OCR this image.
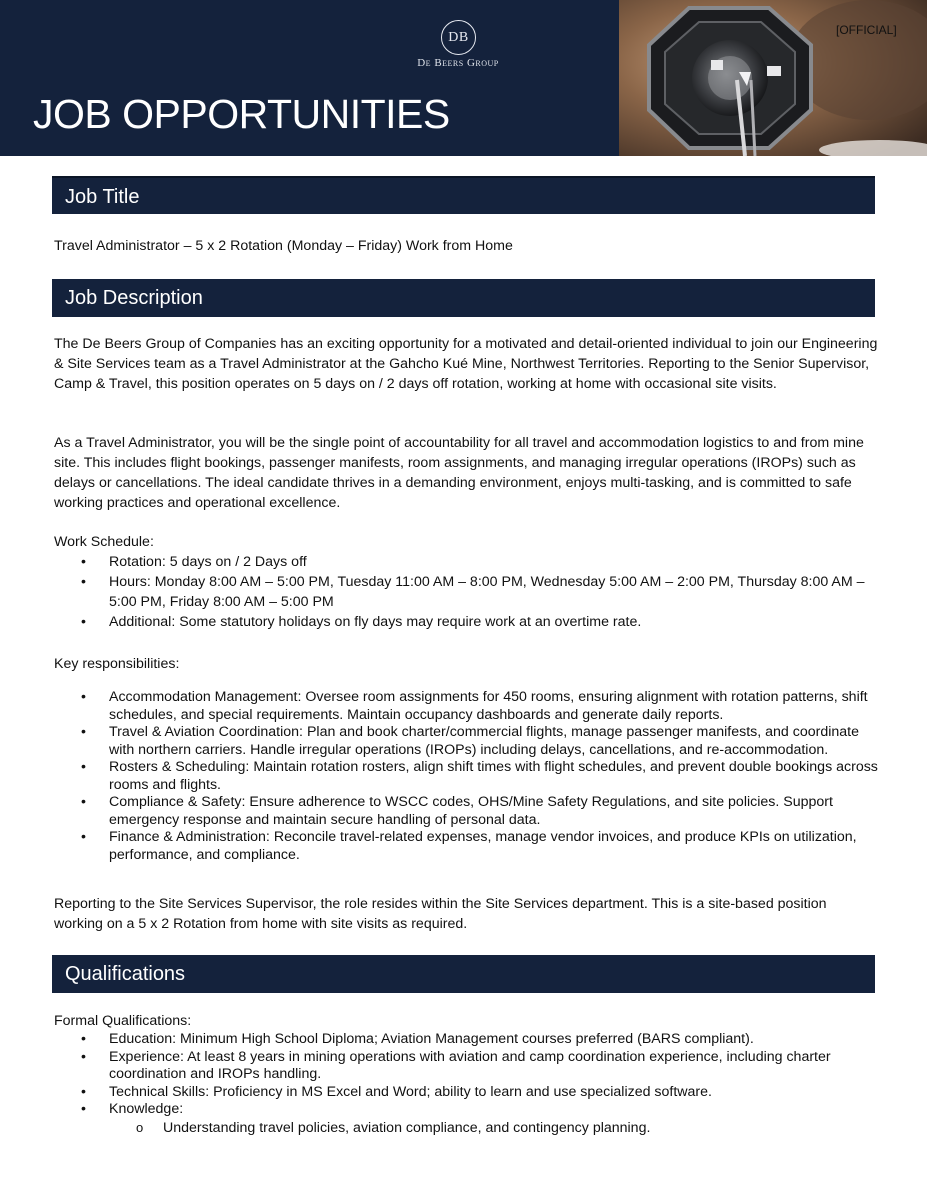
DB
De Beers Group
JOB OPPORTUNITIES
[OFFICIAL]
Job Title
Travel Administrator – 5 x 2 Rotation (Monday – Friday) Work from Home
Job Description

The De Beers Group of Companies has an exciting opportunity for a motivated and detail-oriented individual to join our Engineering & Site Services team as a Travel Administrator at the Gahcho Kué Mine, Northwest Territories. Reporting to the Senior Supervisor, Camp & Travel, this position operates on 5 days on / 2 days off rotation, working at home with occasional site visits.

As a Travel Administrator, you will be the single point of accountability for all travel and accommodation logistics to and from mine site. This includes flight bookings, passenger manifests, room assignments, and managing irregular operations (IROPs) such as delays or cancellations. The ideal candidate thrives in a demanding environment, enjoys multi-tasking, and is committed to safe working practices and operational excellence.

Work Schedule:

• Rotation: 5 days on / 2 Days off
• Hours: Monday 8:00 AM – 5:00 PM, Tuesday 11:00 AM – 8:00 PM, Wednesday 5:00 AM – 2:00 PM, Thursday 8:00 AM – 5:00 PM, Friday 8:00 AM – 5:00 PM
• Additional: Some statutory holidays on fly days may require work at an overtime rate.
Key responsibilities:
• Accommodation Management: Oversee room assignments for 450 rooms, ensuring alignment with rotation patterns, shift schedules, and special requirements. Maintain occupancy dashboards and generate daily reports.
• Travel & Aviation Coordination: Plan and book charter/commercial flights, manage passenger manifests, and coordinate with northern carriers. Handle irregular operations (IROPs) including delays, cancellations, and re-accommodation.
• Rosters & Scheduling: Maintain rotation rosters, align shift times with flight schedules, and prevent double bookings across rooms and flights.
• Compliance & Safety: Ensure adherence to WSCC codes, OHS/Mine Safety Regulations, and site policies. Support emergency response and maintain secure handling of personal data.
• Finance & Administration: Reconcile travel-related expenses, manage vendor invoices, and produce KPIs on utilization, performance, and compliance.

Reporting to the Site Services Supervisor, the role resides within the Site Services department. This is a site-based position working on a 5 x 2 Rotation from home with site visits as required.

Qualifications

Formal Qualifications:

• Education: Minimum High School Diploma; Aviation Management courses preferred (BARS compliant).
• Experience: At least 8 years in mining operations with aviation and camp coordination experience, including charter coordination and IROPs handling.
• Technical Skills: Proficiency in MS Excel and Word; ability to learn and use specialized software.
• Knowledge:
o Understanding travel policies, aviation compliance, and contingency planning.
